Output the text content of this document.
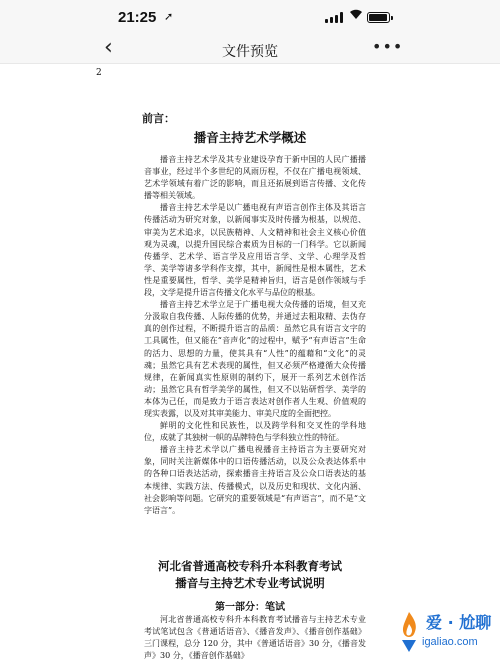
21:25 ➚
‹	文件预览	•••
2
前言：
播音主持艺术学概述

播音主持艺术学及其专业建设孕育于新中国的人民广播播音事业，经过半个多世纪的风雨历程，不仅在广播电视领域、艺术学领域有着广泛的影响，而且还拓展到语言传播、文化传播等相关领域。

播音主持艺术学是以广播电视有声语言创作主体及其语言传播活动为研究对象，以新闻事实及时传播为根基，以规范、审美为艺术追求，以民族精神、人文精神和社会主义核心价值观为灵魂，以提升国民综合素质为目标的一门科学。它以新闻传播学、艺术学、语言学及应用语言学、文学、心理学及哲学、美学等诸多学科作支撑，其中，新闻性是根本属性，艺术性是重要属性，哲学、美学是精神旨归，语言是创作领域与手段，文学是提升语言传播文化水平与品位的根基。

播音主持艺术学立足于广播电视大众传播的语境，但又充分汲取自我传播、人际传播的优势，并通过去粗取精、去伪存真的创作过程，不断提升语言的品质：虽然它具有语言文字的工具属性，但又能在“音声化”的过程中，赋予“有声语言”生命的活力、思想的力量，使其具有“人性”的蕴藉和“文化”的灵魂；虽然它具有艺术表现的属性，但又必须严格遵循大众传播规律，在新闻真实性原则的制约下，展开一系列艺术创作活动；虽然它具有哲学美学的属性，但又不以钻研哲学、美学的本体为己任，而是致力于语言表达对创作者人生观、价值观的现实表露，以及对其审美能力、审美尺度的全面把控。

鲜明的文化性和民族性，以及跨学科和交叉性的学科地位，成就了其独树一帜的品牌特色与学科独立性的特征。

播音主持艺术学以广播电视播音主持语言为主要研究对象，同时关注新媒体中的口语传播活动，以及公众表达体系中的各种口语表达活动，探索播音主持语言及公众口语表达的基本规律、实践方法、传播模式，以及历史和现状、文化内涵、社会影响等问题。它研究的重要领域是“有声语言”，而不是“文字语言”。

河北省普通高校专科升本科教育考试
播音与主持艺术专业考试说明
第一部分：笔试

河北省普通高校专科升本科教育考试播音与主持艺术专业考试笔试包含《普通话语音》、《播音发声》、《播音创作基础》三门课程，总分 120 分，其中《普通话语音》30 分，《播音发声》30 分，《播音创作基础》

爱 · 尬聊
igaliao.com
